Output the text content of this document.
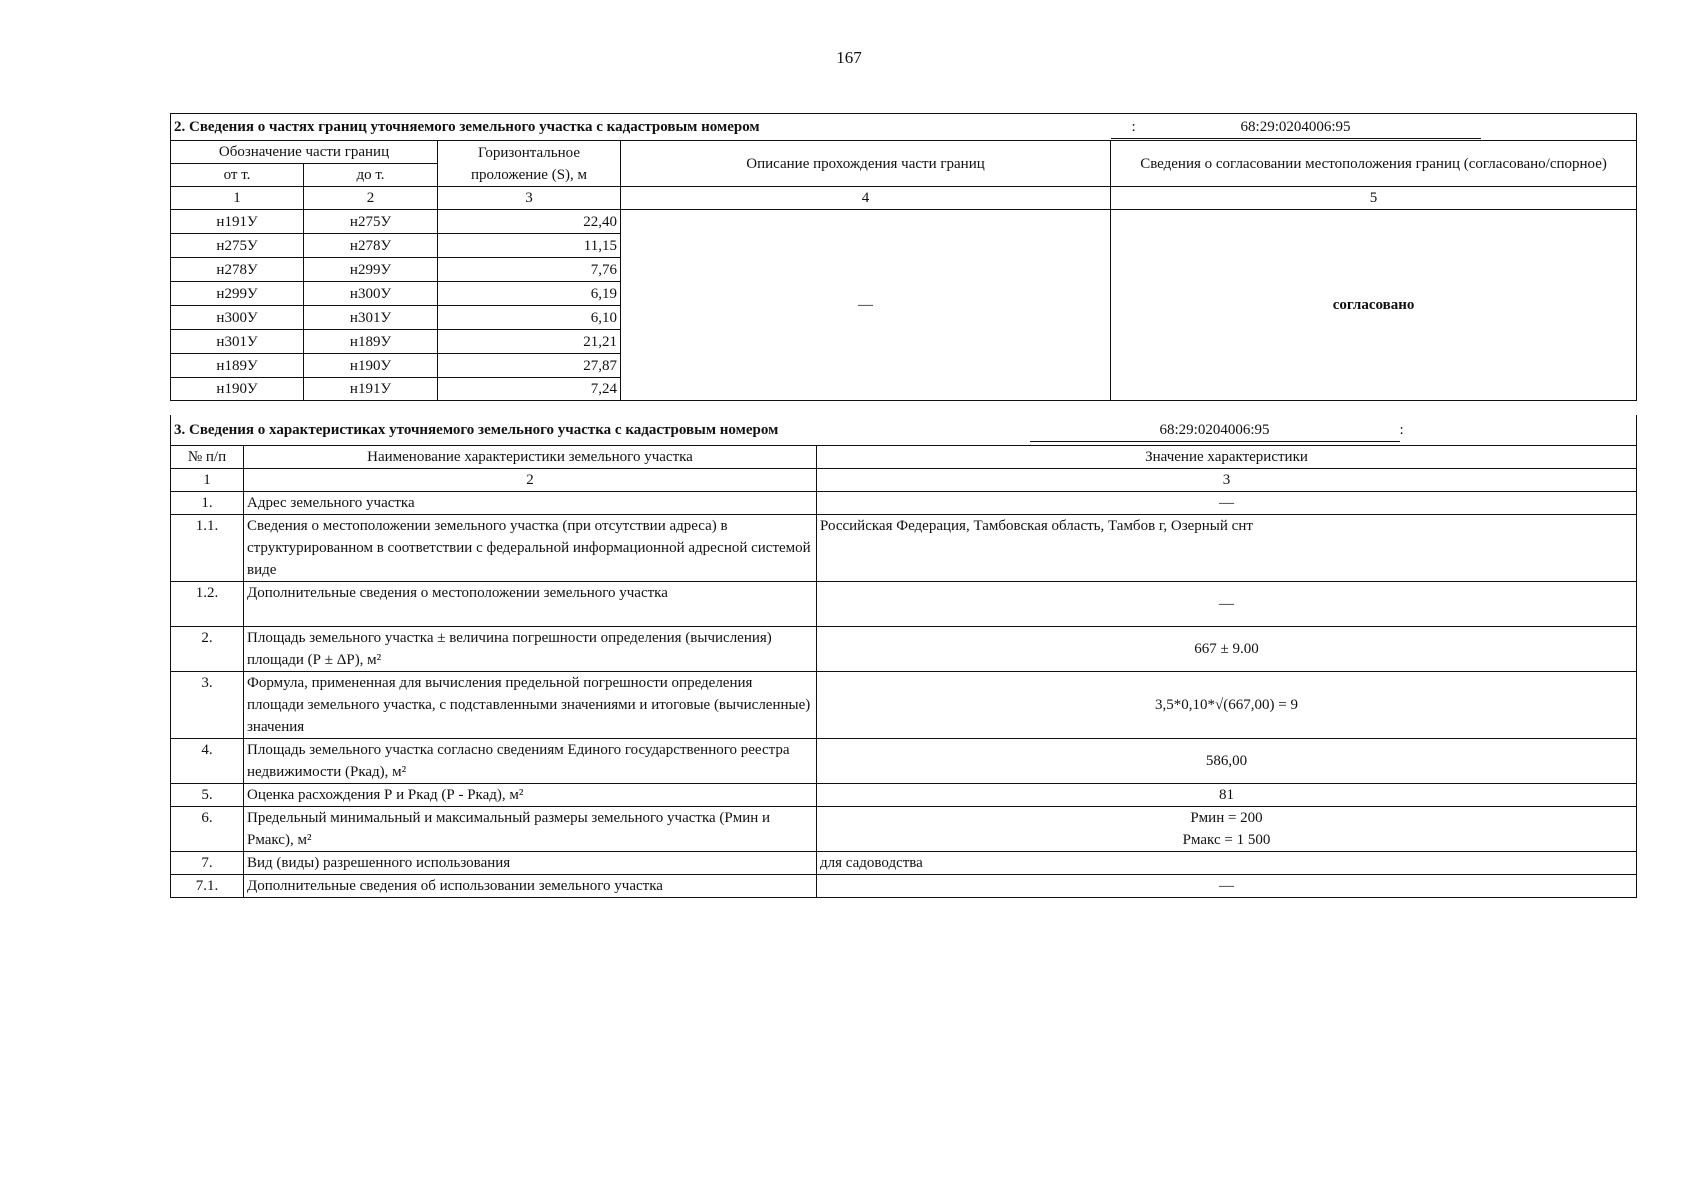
167
2. Сведения о частях границ уточняемого земельного участка с кадастровым номером				68:29:0204006:95	:
Обозначение части границ		Горизонтальное проложение (S), м	Описание прохождения части границ	Сведения о согласовании местоположения границ (согласовано/спорное)	
от т.	до т.				
1	2	3	4	5	
н191У	н275У	22,40	—	согласовано	
н275У	н278У	11,15			
н278У	н299У	7,76			
н299У	н300У	6,19			
н300У	н301У	6,10			
н301У	н189У	21,21			
н189У	н190У	27,87			
н190У	н191У	7,24			
3. Сведения о характеристиках уточняемого земельного участка с кадастровым номером			68:29:0204006:95	:
№ п/п	Наименование характеристики земельного участка	Значение характеристики		
1	2	3		
1.	Адрес земельного участка	—		
1.1.	Сведения о местоположении земельного участка (при отсутствии адреса) в структурированном в соответствии с федеральной информационной адресной системой виде	Российская Федерация, Тамбовская область, Тамбов г, Озерный снт		
1.2.	Дополнительные сведения о местоположении земельного участка	—		
2.	Площадь земельного участка ± величина погрешности определения (вычисления) площади (Р ± ΔР), м²	667 ± 9.00		
3.	Формула, примененная для вычисления предельной погрешности определения площади земельного участка, с подставленными значениями и итоговые (вычисленные) значения	3,5*0,10*√(667,00) = 9		
4.	Площадь земельного участка согласно сведениям Единого государственного реестра недвижимости (Ркад), м²	586,00		
5.	Оценка расхождения Р и Ркад (Р - Ркад), м²	81		
6.	Предельный минимальный и максимальный размеры земельного участка (Рмин и Рмакс), м²	Рмин = 200
Рмакс = 1 500		

7.	Вид (виды) разрешенного использования	для садоводства		
7.1.	Дополнительные сведения об использовании земельного участка	—		
